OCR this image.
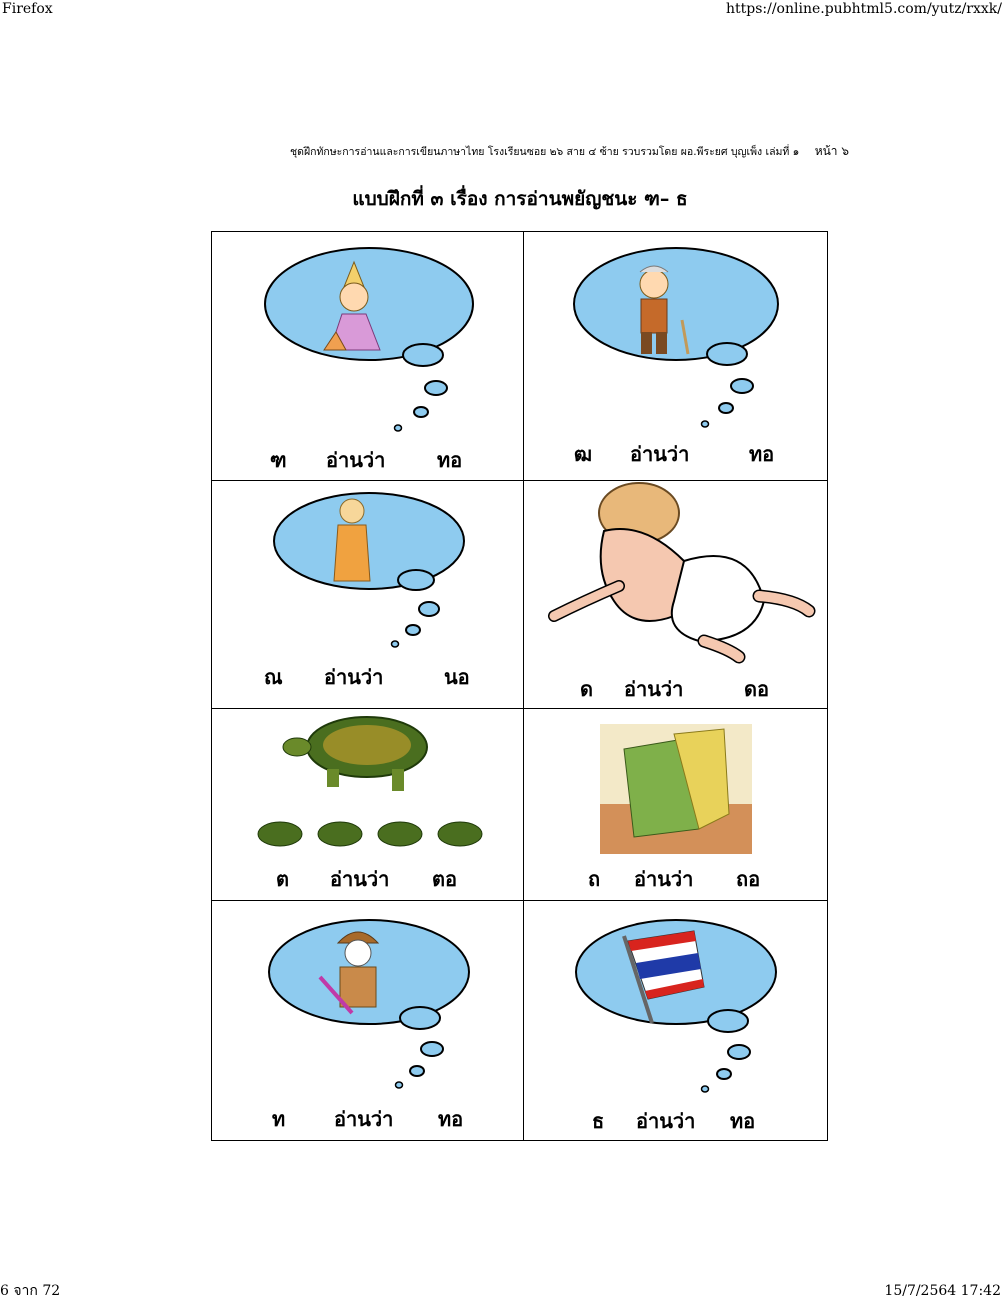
Firefox	https://online.pubhtml5.com/yutz/rxxk/
ชุดฝึกทักษะการอ่านและการเขียนภาษาไทย โรงเรียนซอย ๒๖ สาย ๔ ซ้าย รวบรวมโดย ผอ.พีระยศ บุญเพ็ง เล่มที่ ๑ หน้า ๖
แบบฝึกที่ ๓ เรื่อง การอ่านพยัญชนะ ฑ– ธ
ฑ อ่านว่า	ทอ	ฒ อ่านว่า	ทอ
ณ อ่านว่า	นอ	ด อ่านว่า	ดอ
ต อ่านว่า ตอ	ถ อ่านว่า ถอ
ท อ่านว่า ทอ	ธ อ่านว่า ทอ
6 จาก 72	15/7/2564 17:42
